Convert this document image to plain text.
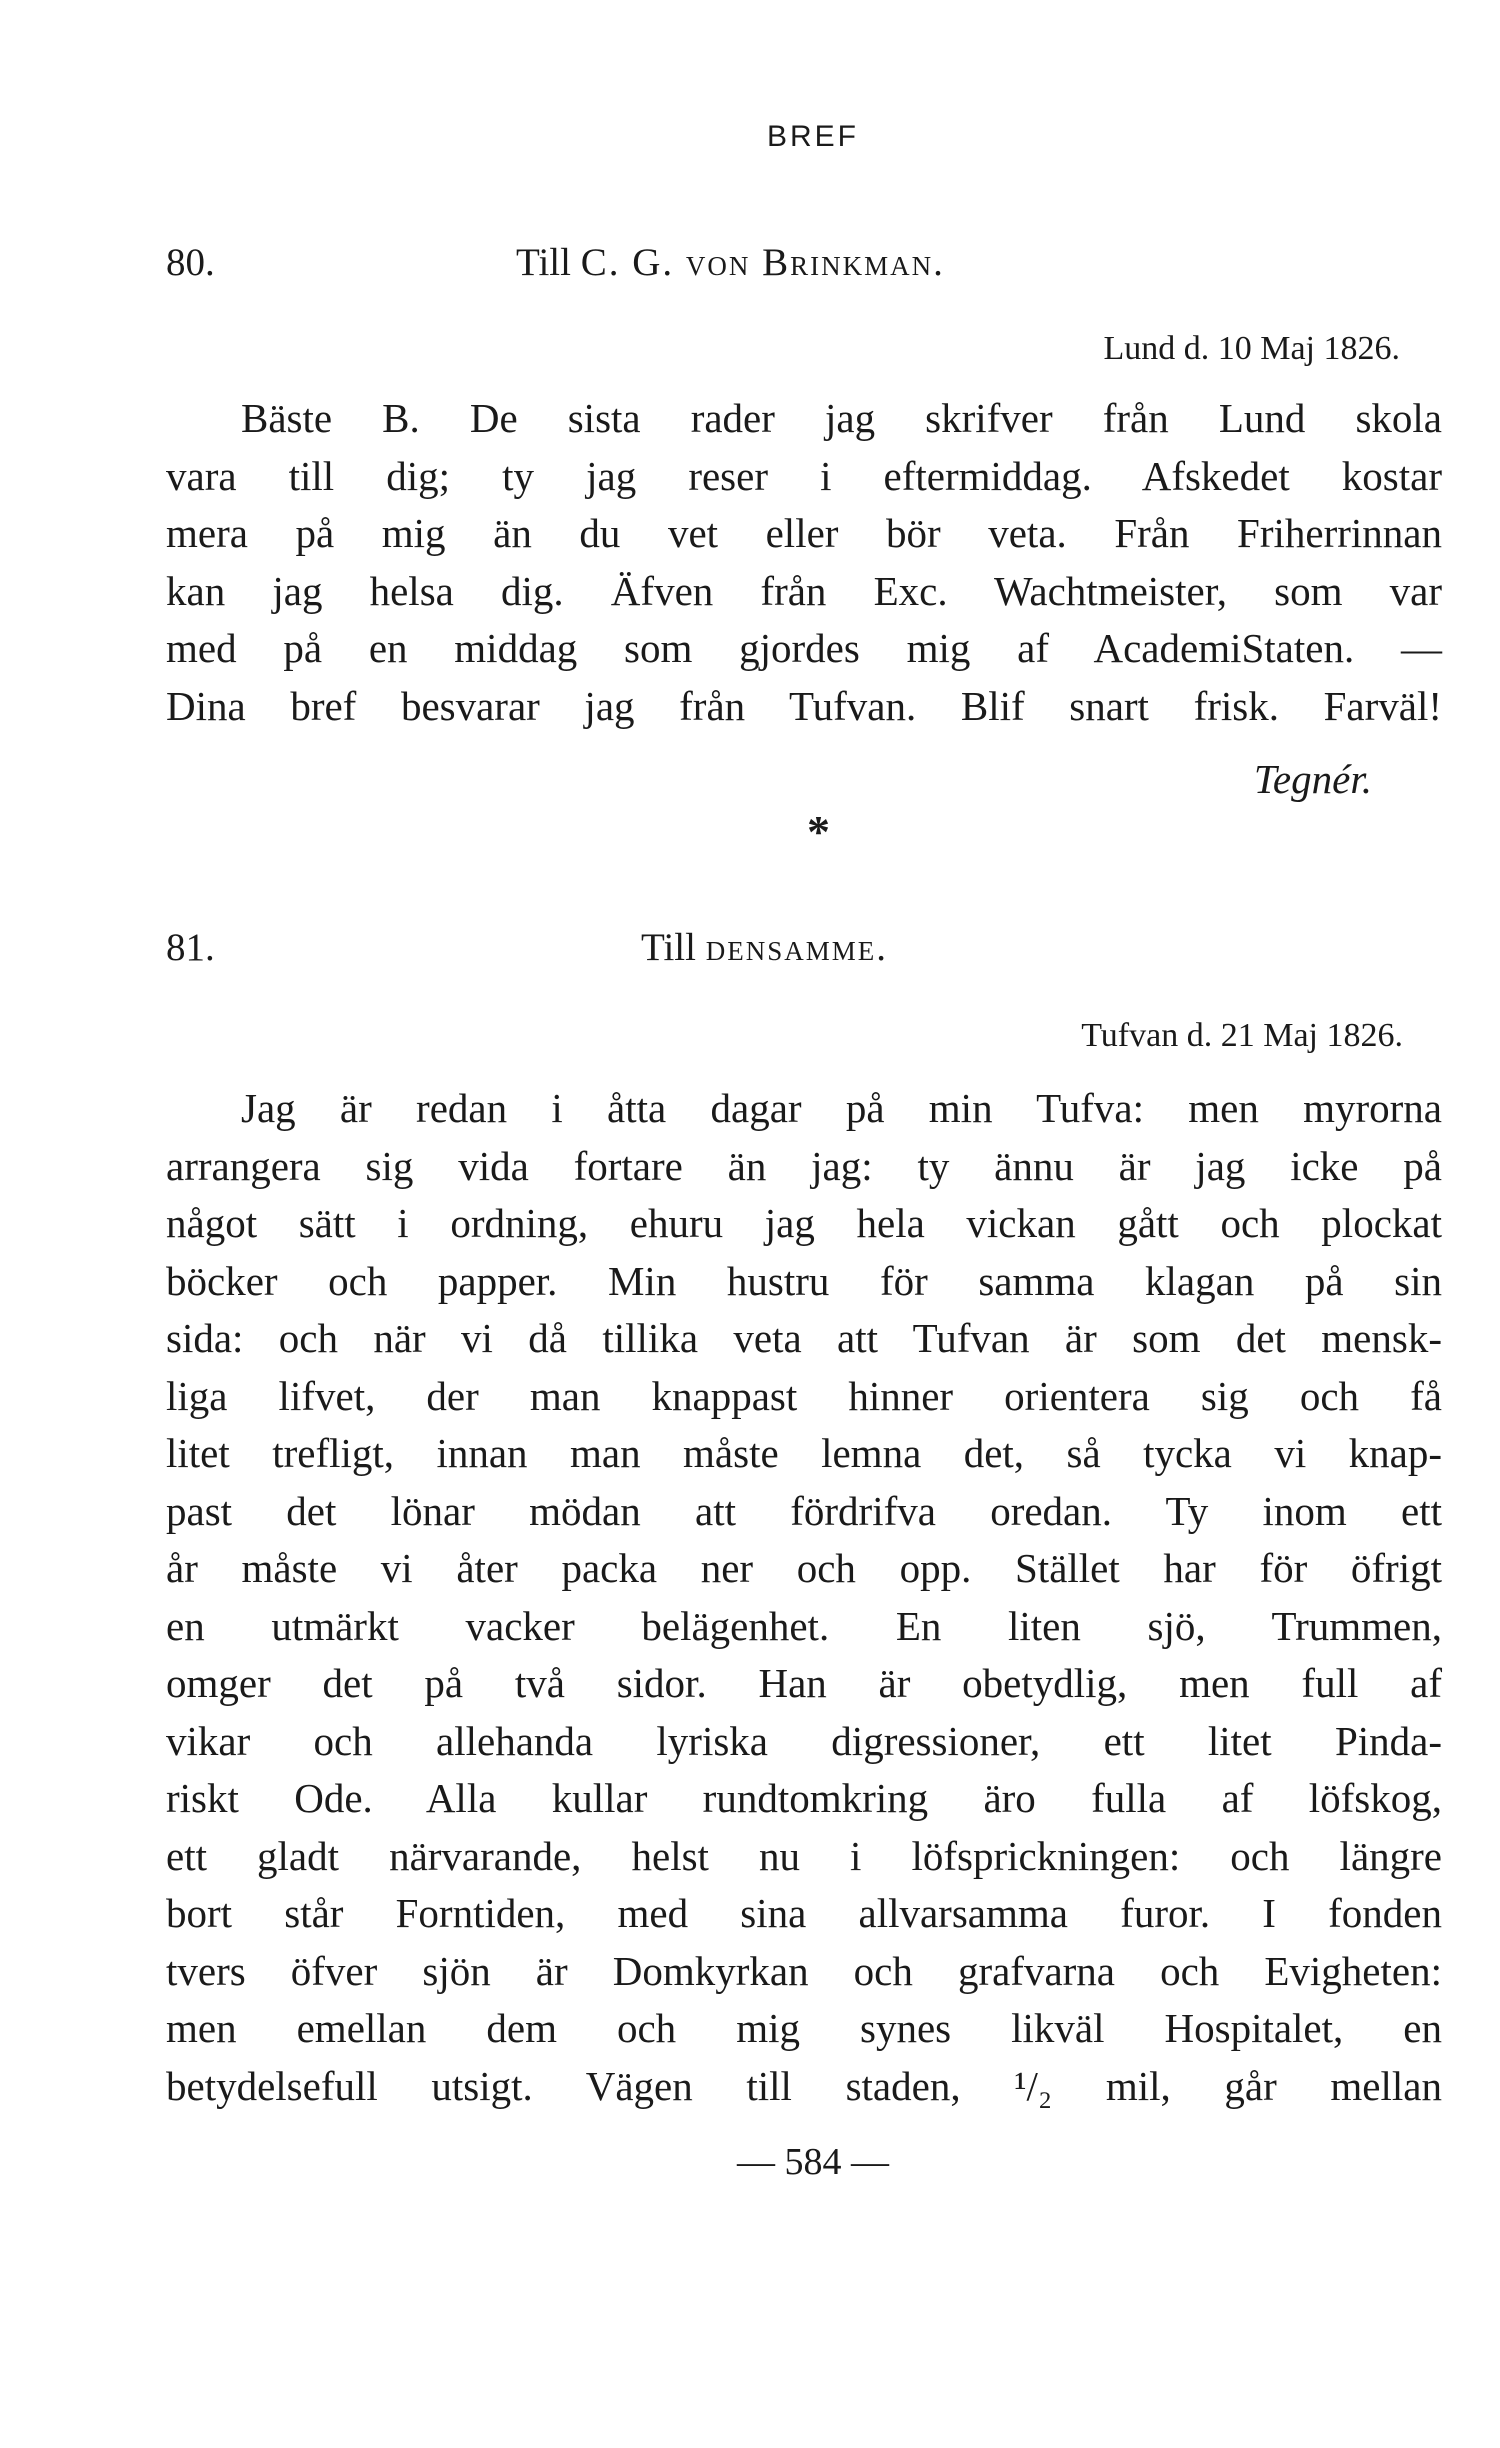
BREF
80.	Till C. G. von Brinkman.
Lund d. 10 Maj 1826.
Bäste B. De sista rader jag skrifver från Lund skola
vara till dig; ty jag reser i eftermiddag. Afskedet kostar
mera på mig än du vet eller bör veta. Från Friherrinnan
kan jag helsa dig. Äfven från Exc. Wachtmeister, som var
med på en middag som gjordes mig af AcademiStaten. —
Dina bref besvarar jag från Tufvan. Blif snart frisk. Farväl!
Tegnér.
*
81.	Till densamme.
Tufvan d. 21 Maj 1826.
Jag är redan i åtta dagar på min Tufva: men myrorna
arrangera sig vida fortare än jag: ty ännu är jag icke på
något sätt i ordning, ehuru jag hela vickan gått och plockat
böcker och papper. Min hustru för samma klagan på sin
sida: och när vi då tillika veta att Tufvan är som det mensk-
liga lifvet, der man knappast hinner orientera sig och få
litet trefligt, innan man måste lemna det, så tycka vi knap-
past det lönar mödan att fördrifva oredan. Ty inom ett
år måste vi åter packa ner och opp. Stället har för öfrigt
en utmärkt vacker belägenhet. En liten sjö, Trummen,
omger det på två sidor. Han är obetydlig, men full af
vikar och allehanda lyriska digressioner, ett litet Pinda-
riskt Ode. Alla kullar rundtomkring äro fulla af löfskog,
ett gladt närvarande, helst nu i löfsprickningen: och längre
bort står Forntiden, med sina allvarsamma furor. I fonden
tvers öfver sjön är Domkyrkan och grafvarna och Evigheten:
men emellan dem och mig synes likväl Hospitalet, en
betydelsefull utsigt. Vägen till staden, ¹/₂ mil, går mellan
— 584 —
